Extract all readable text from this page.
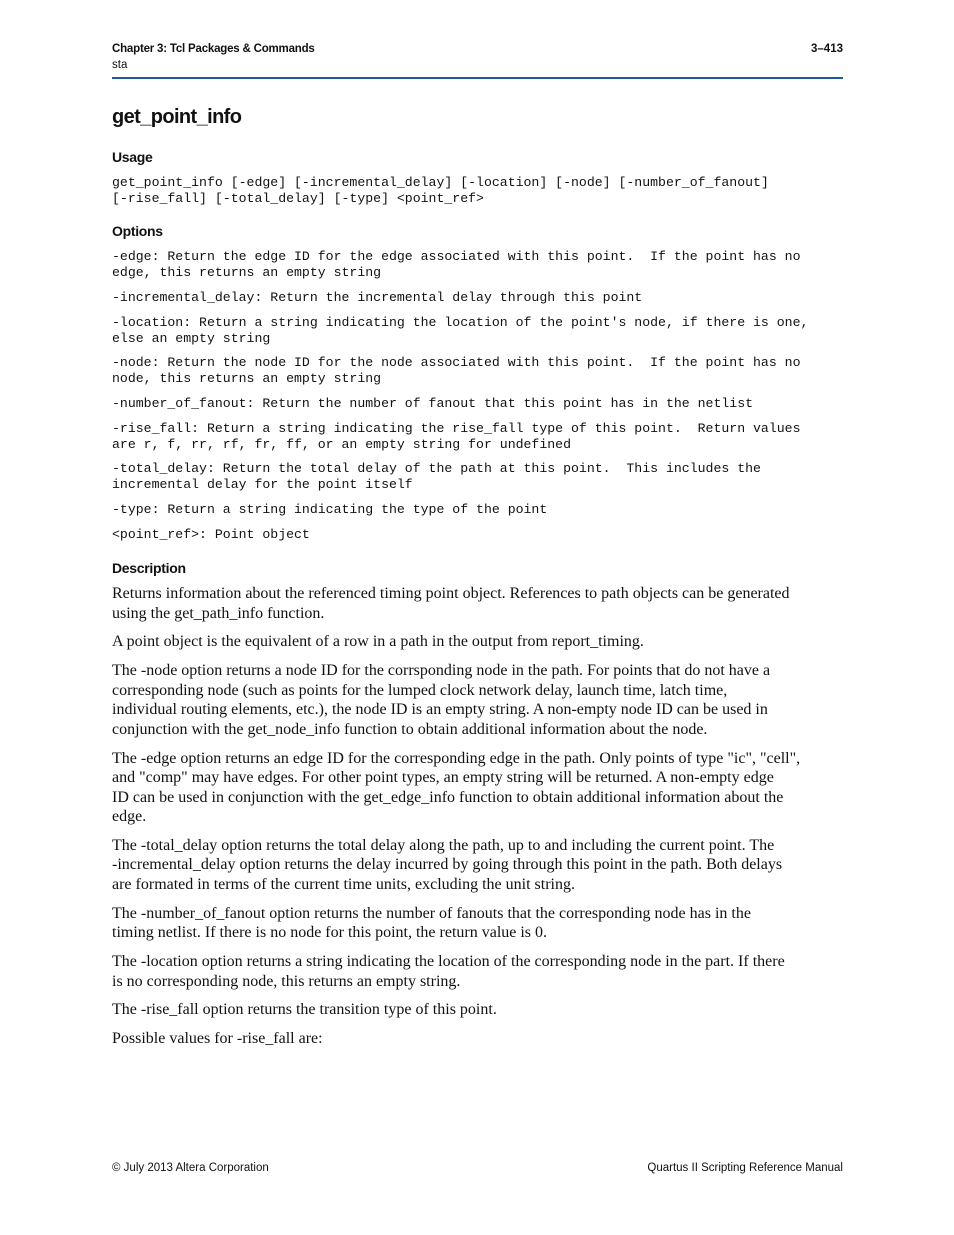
Chapter 3: Tcl Packages & Commands	3–413
sta
get_point_info
Usage
get_point_info [-edge] [-incremental_delay] [-location] [-node] [-number_of_fanout]
[-rise_fall] [-total_delay] [-type] <point_ref>
Options
-edge: Return the edge ID for the edge associated with this point.  If the point has no
edge, this returns an empty string
-incremental_delay: Return the incremental delay through this point
-location: Return a string indicating the location of the point's node, if there is one,
else an empty string
-node: Return the node ID for the node associated with this point.  If the point has no
node, this returns an empty string
-number_of_fanout: Return the number of fanout that this point has in the netlist
-rise_fall: Return a string indicating the rise_fall type of this point.  Return values
are r, f, rr, rf, fr, ff, or an empty string for undefined
-total_delay: Return the total delay of the path at this point.  This includes the
incremental delay for the point itself
-type: Return a string indicating the type of the point
<point_ref>: Point object
Description
Returns information about the referenced timing point object. References to path objects can be generated
using the get_path_info function.
A point object is the equivalent of a row in a path in the output from report_timing.
The -node option returns a node ID for the corrsponding node in the path. For points that do not have a
corresponding node (such as points for the lumped clock network delay, launch time, latch time,
individual routing elements, etc.), the node ID is an empty string. A non-empty node ID can be used in
conjunction with the get_node_info function to obtain additional information about the node.
The -edge option returns an edge ID for the corresponding edge in the path. Only points of type "ic", "cell",
and "comp" may have edges. For other point types, an empty string will be returned. A non-empty edge
ID can be used in conjunction with the get_edge_info function to obtain additional information about the
edge.
The -total_delay option returns the total delay along the path, up to and including the current point. The
-incremental_delay option returns the delay incurred by going through this point in the path. Both delays
are formated in terms of the current time units, excluding the unit string.
The -number_of_fanout option returns the number of fanouts that the corresponding node has in the
timing netlist. If there is no node for this point, the return value is 0.
The -location option returns a string indicating the location of the corresponding node in the part. If there
is no corresponding node, this returns an empty string.
The -rise_fall option returns the transition type of this point.
Possible values for -rise_fall are:
© July 2013 Altera Corporation	Quartus II Scripting Reference Manual
